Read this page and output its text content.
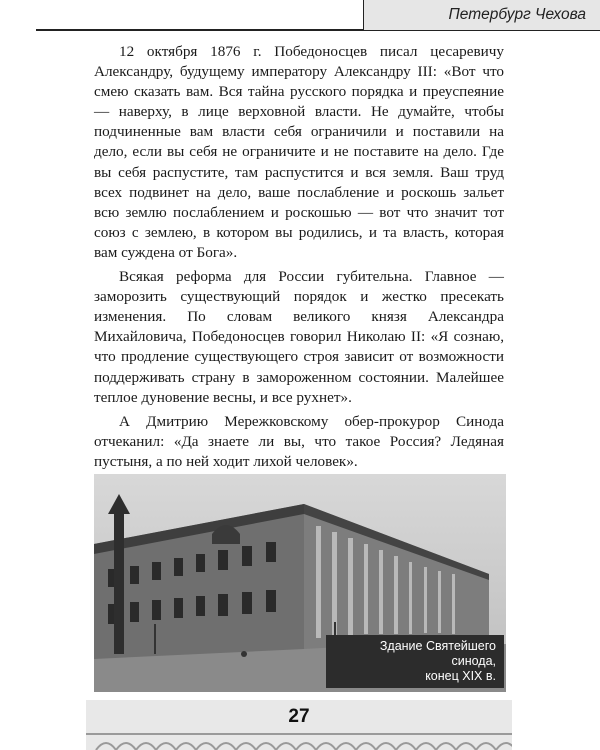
Петербург Чехова

12 октября 1876 г. Победоносцев писал цесаревичу Александру, будущему императору Александру III: «Вот что смею сказать вам. Вся тайна русского порядка и преуспеяние — наверху, в лице верховной власти. Не думайте, чтобы подчиненные вам власти себя ограничили и поставили на дело, если вы себя не ограничите и не поставите на дело. Где вы себя распустите, там распустится и вся земля. Ваш труд всех подвинет на дело, ваше послабление и роскошь зальет всю землю послаблением и роскошью — вот что значит тот союз с землею, в котором вы родились, и та власть, которая вам суждена от Бога».

Всякая реформа для России губительна. Главное — заморозить существующий порядок и жестко пресекать изменения. По словам великого князя Александра Михайловича, Победоносцев говорил Николаю II: «Я сознаю, что продление существующего строя зависит от возможности поддерживать страну в замороженном состоянии. Малейшее теплое дуновение весны, и все рухнет».

А Дмитрию Мережковскому обер-прокурор Синода отчеканил: «Да знаете ли вы, что такое Россия? Ледяная пустыня, а по ней ходит лихой человек».

Здание Святейшего синода,
конец XIX в.
27
